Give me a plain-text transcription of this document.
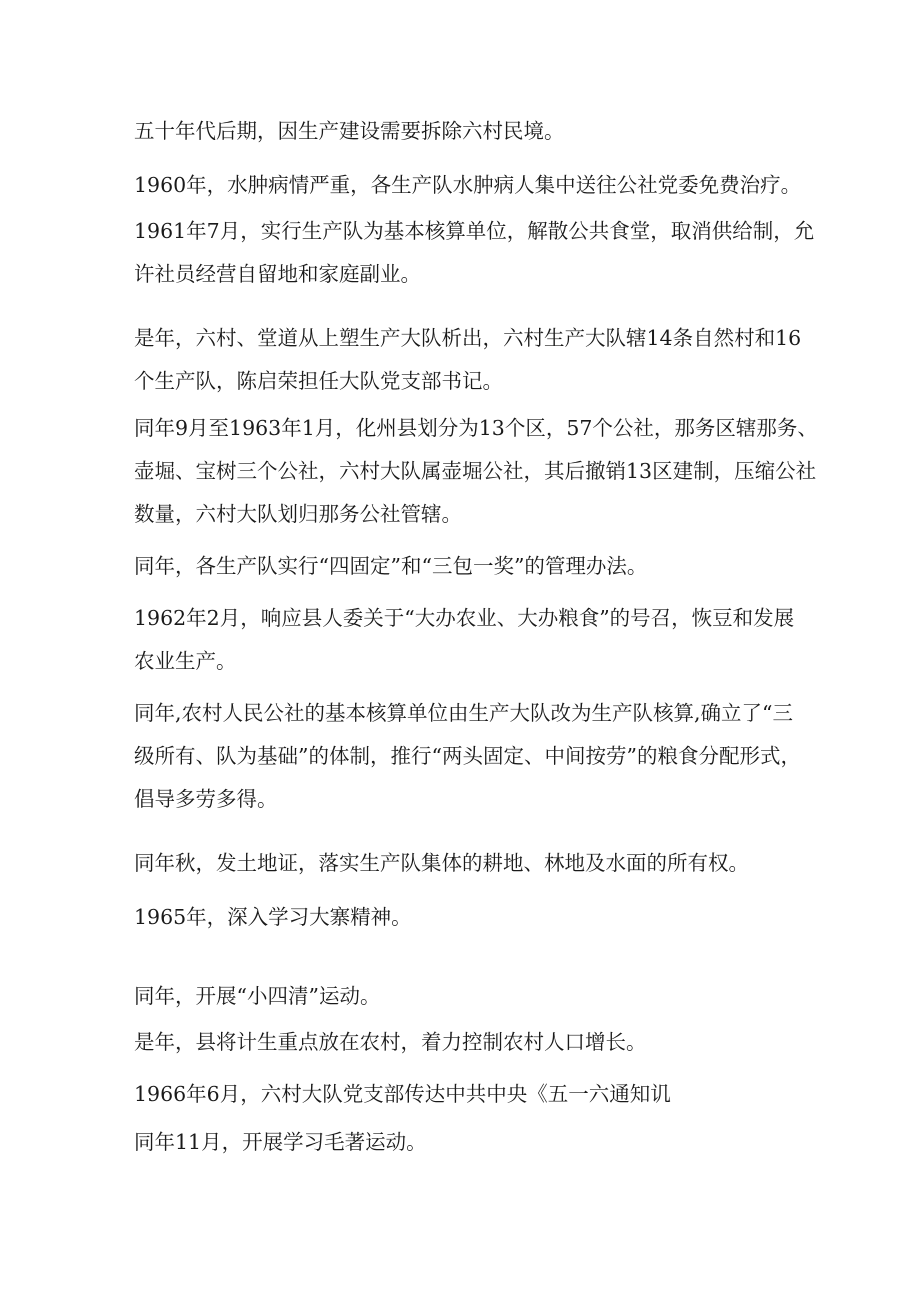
五十年代后期，因生产建设需要拆除六村民境。

1960年，水肿病情严重，各生产队水肿病人集中送往公社党委免费治疗。

1961年7月，实行生产队为基本核算单位，解散公共食堂，取消供给制，允
许社员经营自留地和家庭副业。

是年，六村、堂道从上塑生产大队析出，六村生产大队辖14条自然村和16
个生产队，陈启荣担任大队党支部书记。

同年9月至1963年1月，化州县划分为13个区，57个公社，那务区辖那务、
壶堀、宝树三个公社，六村大队属壶堀公社，其后撤销13区建制，压缩公社
数量，六村大队划归那务公社管辖。

同年，各生产队实行“四固定”和“三包一奖”的管理办法。

1962年2月，响应县人委关于“大办农业、大办粮食”的号召，恢豆和发展
农业生产。

同年,农村人民公社的基本核算单位由生产大队改为生产队核算,确立了“三
级所有、队为基础”的体制，推行“两头固定、中间按劳”的粮食分配形式，
倡导多劳多得。

同年秋，发土地证，落实生产队集体的耕地、林地及水面的所有权。

1965年，深入学习大寨精神。

同年，开展“小四清”运动。

是年，县将计生重点放在农村，着力控制农村人口增长。

1966年6月，六村大队党支部传达中共中央《五一六通知讥

同年11月，开展学习毛著运动。
